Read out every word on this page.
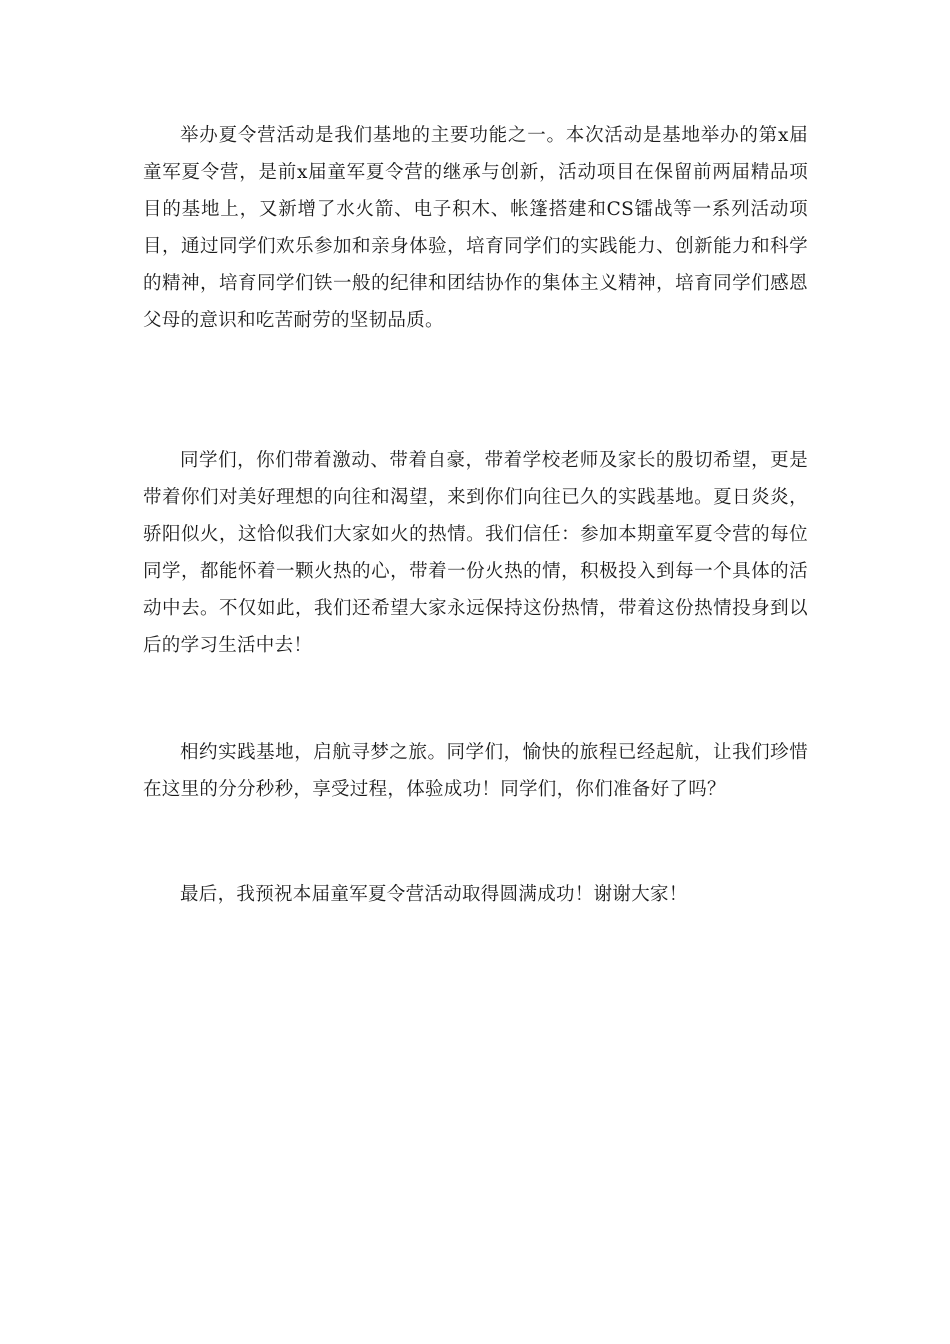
举办夏令营活动是我们基地的主要功能之一。本次活动是基地举办的第x届童军夏令营，是前x届童军夏令营的继承与创新，活动项目在保留前两届精品项目的基地上，又新增了水火箭、电子积木、帐篷搭建和CS镭战等一系列活动项目，通过同学们欢乐参加和亲身体验，培育同学们的实践能力、创新能力和科学的精神，培育同学们铁一般的纪律和团结协作的集体主义精神，培育同学们感恩父母的意识和吃苦耐劳的坚韧品质。

同学们，你们带着激动、带着自豪，带着学校老师及家长的殷切希望，更是带着你们对美好理想的向往和渴望，来到你们向往已久的实践基地。夏日炎炎，骄阳似火，这恰似我们大家如火的热情。我们信任：参加本期童军夏令营的每位同学，都能怀着一颗火热的心，带着一份火热的情，积极投入到每一个具体的活动中去。不仅如此，我们还希望大家永远保持这份热情，带着这份热情投身到以后的学习生活中去！

相约实践基地，启航寻梦之旅。同学们，愉快的旅程已经起航，让我们珍惜在这里的分分秒秒，享受过程，体验成功！同学们，你们准备好了吗？

最后，我预祝本届童军夏令营活动取得圆满成功！谢谢大家！
